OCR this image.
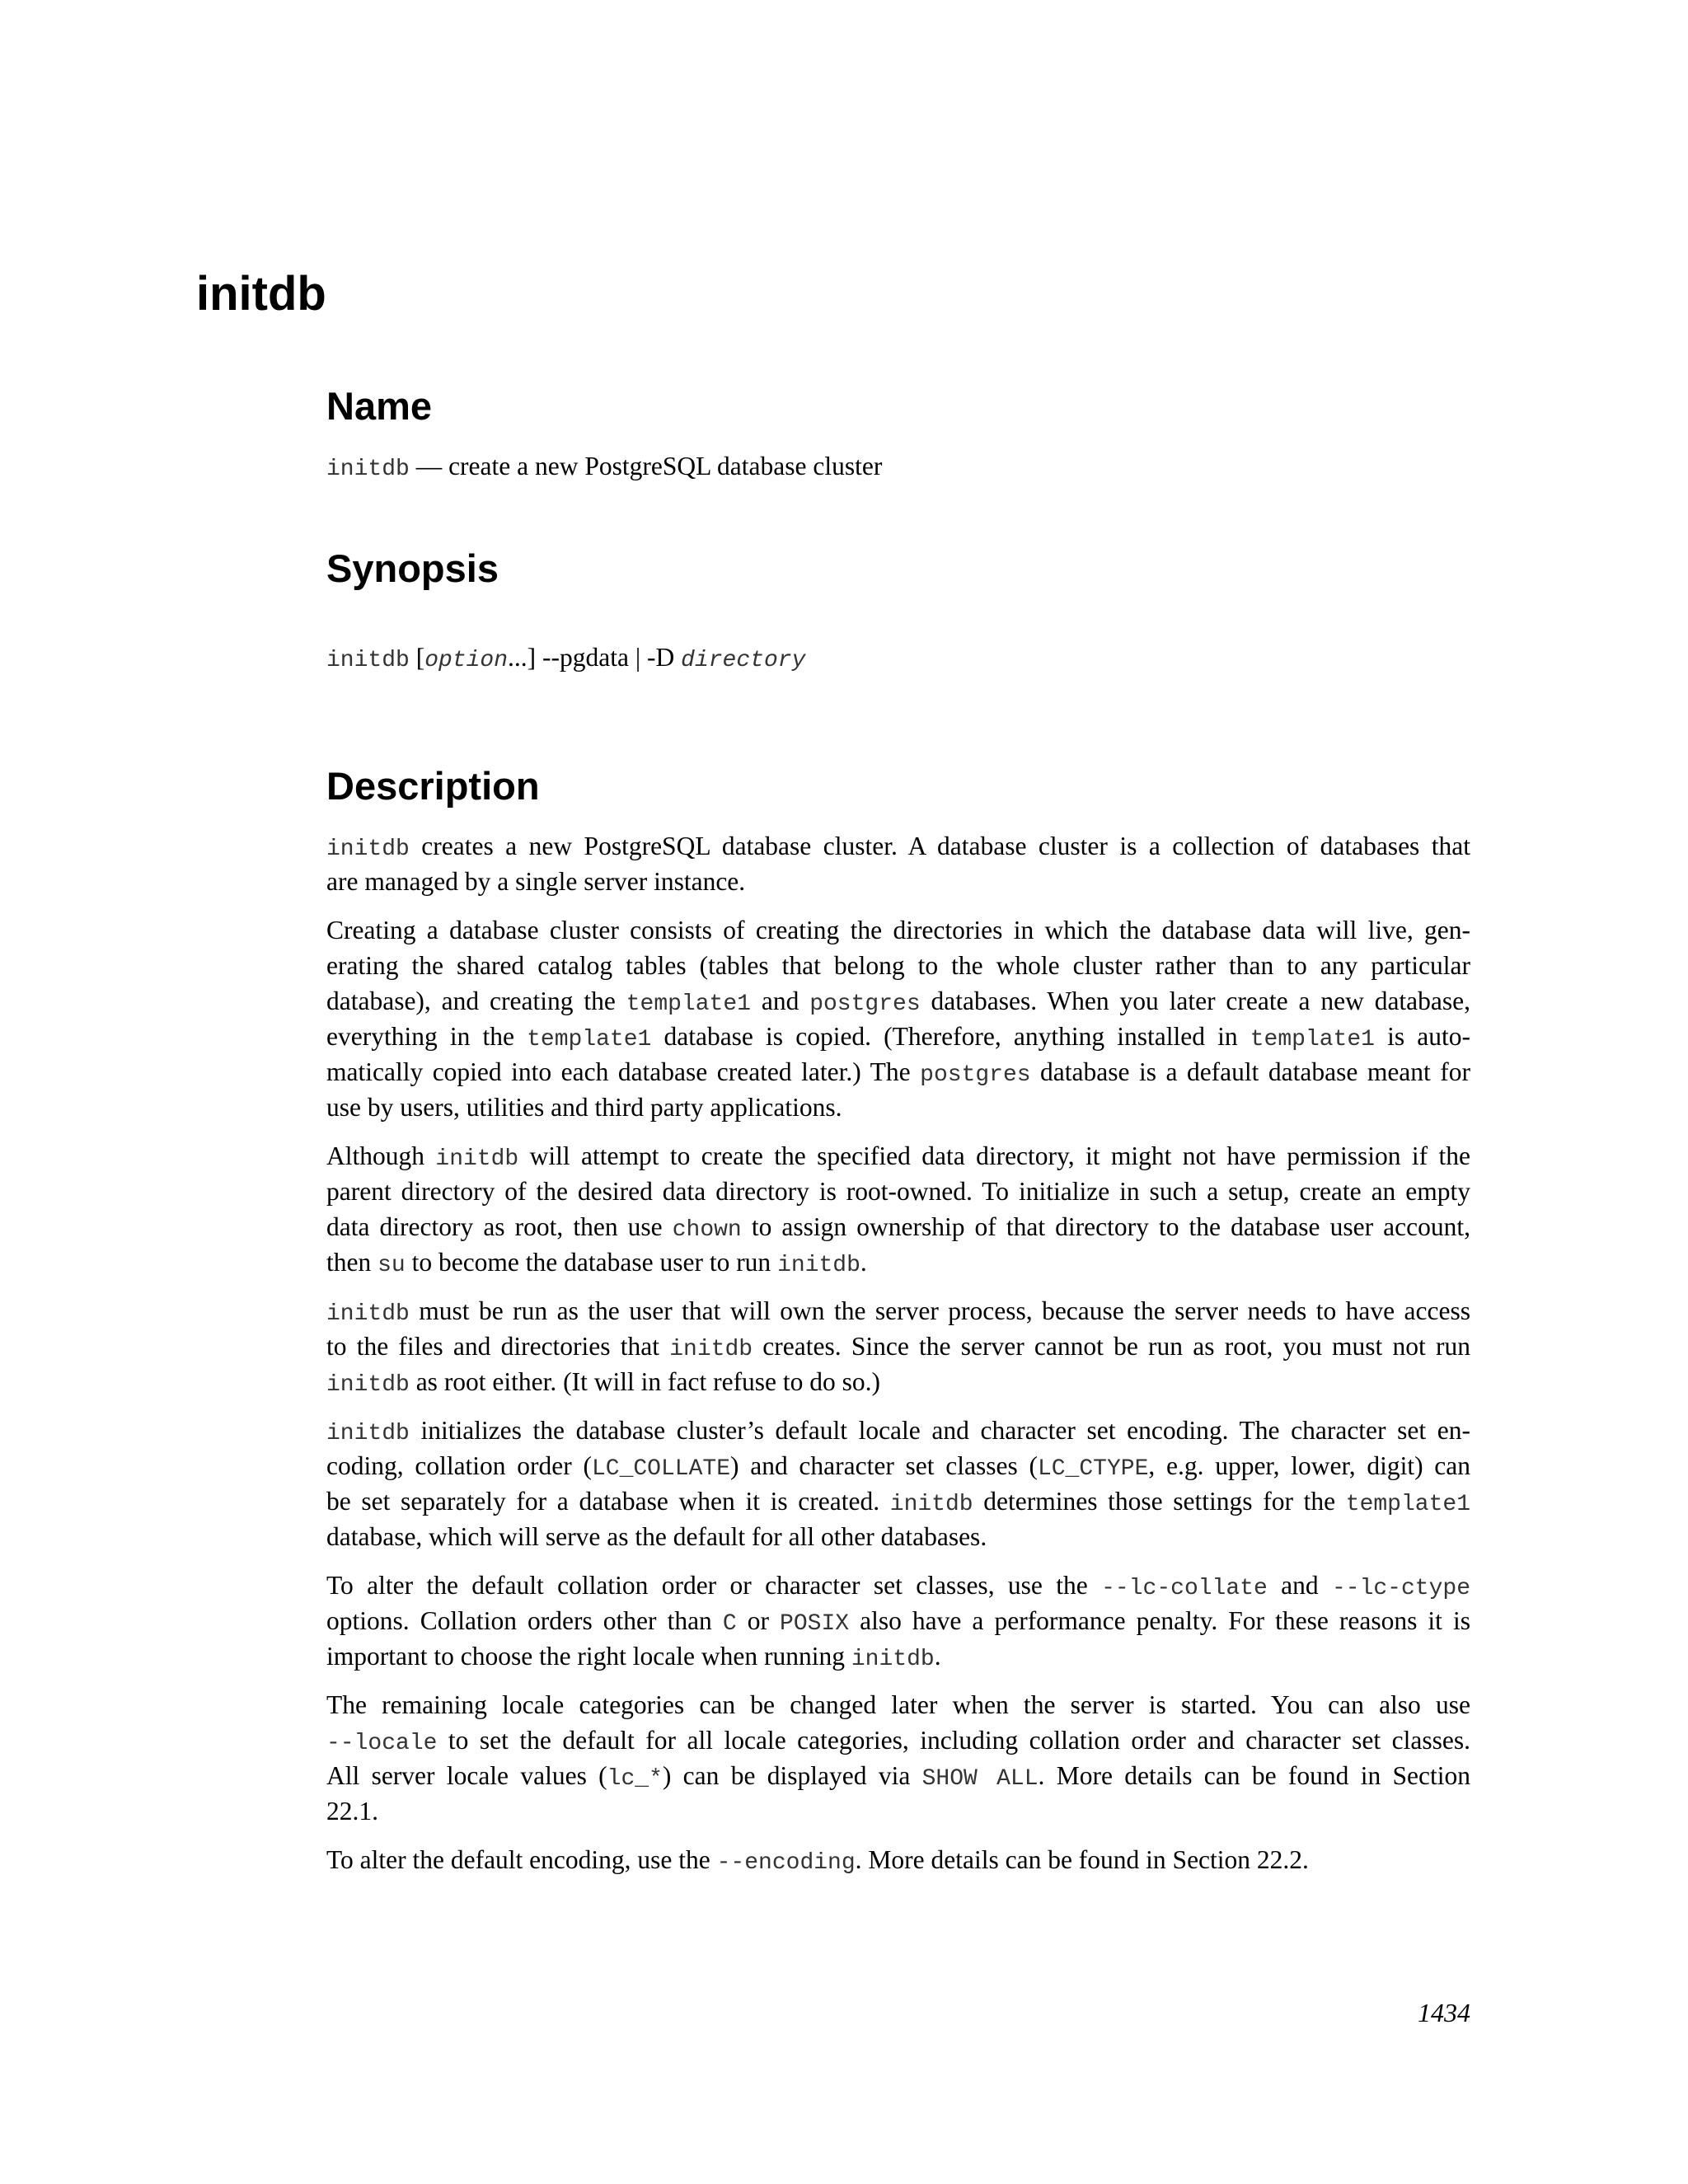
initdb
Name

initdb — create a new PostgreSQL database cluster

Synopsis

initdb [option...] --pgdata | -D directory

Description

initdb creates a new PostgreSQL database cluster. A database cluster is a collection of databases that

are managed by a single server instance.

Creating a database cluster consists of creating the directories in which the database data will live, gen-

erating the shared catalog tables (tables that belong to the whole cluster rather than to any particular

database), and creating the template1 and postgres databases. When you later create a new database,

everything in the template1 database is copied. (Therefore, anything installed in template1 is auto-

matically copied into each database created later.) The postgres database is a default database meant for

use by users, utilities and third party applications.

Although initdb will attempt to create the specified data directory, it might not have permission if the

parent directory of the desired data directory is root-owned. To initialize in such a setup, create an empty

data directory as root, then use chown to assign ownership of that directory to the database user account,

then su to become the database user to run initdb.

initdb must be run as the user that will own the server process, because the server needs to have access

to the files and directories that initdb creates. Since the server cannot be run as root, you must not run

initdb as root either. (It will in fact refuse to do so.)

initdb initializes the database cluster’s default locale and character set encoding. The character set en-

coding, collation order (LC_COLLATE) and character set classes (LC_CTYPE, e.g. upper, lower, digit) can

be set separately for a database when it is created. initdb determines those settings for the template1

database, which will serve as the default for all other databases.

To alter the default collation order or character set classes, use the --lc-collate and --lc-ctype

options. Collation orders other than C or POSIX also have a performance penalty. For these reasons it is

important to choose the right locale when running initdb.

The remaining locale categories can be changed later when the server is started. You can also use

--locale to set the default for all locale categories, including collation order and character set classes.

All server locale values (lc_*) can be displayed via SHOW ALL. More details can be found in Section

22.1.

To alter the default encoding, use the --encoding. More details can be found in Section 22.2.

1434
